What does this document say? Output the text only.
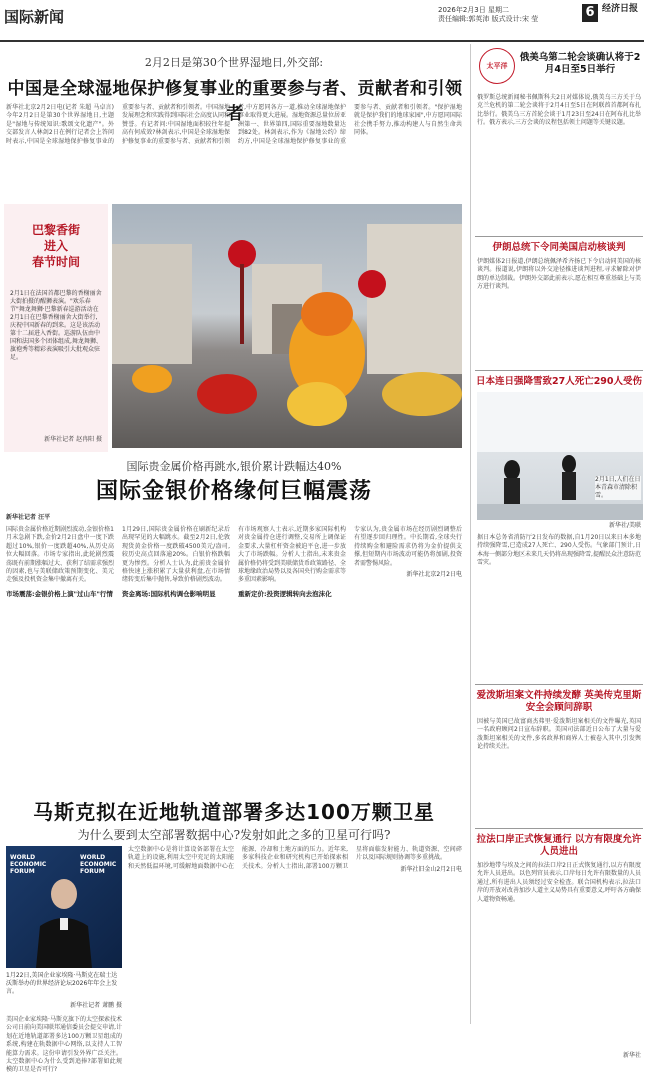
国际新闻	2026年2月3日 星期二
责任编辑:郭英沛 版式设计:宋 莹	6 经济日报
2月2日是第30个世界湿地日,外交部:
中国是全球湿地保护修复事业的重要参与者、贡献者和引领者
新华社北京2月2日电(记者 朱超 马卓言)今年2月2日是第30个世界湿地日,主题是"湿地与传统知识:歌颂文化遗产"。外交部发言人林剑2日在例行记者会上答问时表示,中国是全球湿地保护修复事业的重要参与者、贡献者和引领者。中国湿地发展理念和实践得到国际社会高度认同和赞誉。有记者问:中国湿地面积较往年提高有何成效?林剑表示,中国是全球湿地保护修复事业的重要参与者、贡献者和引领者,中方愿同各方一道,推动全球湿地保护事业取得更大进展。湿地资源总量位居亚洲第一、世界第四,国际重要湿地数量达到82处。林剑表示,作为《湿地公约》缔约方,中国是全球湿地保护修复事业的重要参与者、贡献者和引领者。"保护湿地就是保护我们的地球家园",中方愿同国际社会携手努力,推动构建人与自然生命共同体。
巴黎香街
进入
春节时间
2月1日在法国首都巴黎的香榭丽舍大街拍摄的醒狮表演。"欢乐春节"舞龙舞狮·巴黎新春巡游活动在2月1日在巴黎香榭丽舍大街举行,庆祝中国新春的到来。这是该活动第十二届进入香街。巡游队伍由中国和法国多个团体组成,舞龙舞狮、旗袍秀等精彩表演吸引大批观众驻足。
新华社记者 赵冉阳 摄
国际贵金属价格再跳水,银价累计跌幅达40%
国际金银价格缘何巨幅震荡
新华社记者 汪平
国际贵金属价格近期剧烈波动,金银价格1月末急剧下跌,金价2月2日盘中一度下跌超过10%,银价一度跌超40%,从历史高位大幅回落。市场专家指出,此轮剧烈震荡既有前期涨幅过大、获利了结需求强烈的因素,也与美联储政策预期变化、美元走强及投机资金集中撤离有关。
市场震荡:金银价格上演"过山车"行情
1月29日,国际贵金属价格在刷新纪录后出现罕见的大幅跳水。截至2月2日,伦敦现货黄金价格一度跌破4500美元/盎司,较历史高点回落逾20%。白银价格跌幅更为惨烈。分析人士认为,此前贵金属价格快速上涨积累了大量获利盘,在市场情绪转变后集中抛售,导致价格剧烈波动。
资金离场:国际机构调仓影响明显
有市场观察人士表示,近期多家国际机构对贵金属持仓进行调整,交易所上调保证金要求,大量杠杆资金被迫平仓,进一步放大了市场跌幅。分析人士指出,未来贵金属价格仍将受到美联储货币政策路径、全球地缘政治局势以及各国央行购金需求等多重因素影响。
重新定价:投资逻辑转向去泡沫化
专家认为,贵金属市场在经历剧烈调整后有望逐步回归理性。中长期看,全球央行持续购金和避险需求仍将为金价提供支撑,但短期内市场波动可能仍将加剧,投资者需警惕风险。
新华社北京2月2日电
马斯克拟在近地轨道部署多达100万颗卫星
为什么要到太空部署数据中心?发射如此之多的卫星可行吗?
WORLD ECONOMIC FORUM
WORLD ECONOMIC FORUM
1月22日,美国企业家埃隆·马斯克在瑞士达沃斯举办的世界经济论坛2026年年会上发言。
新华社记者 萧鹏 摄
美国企业家埃隆·马斯克旗下的太空探索技术公司日前向美国联邦通信委员会提交申请,计划在近地轨道部署多达100万颗卫星组成的系统,构建在轨数据中心网络,以支持人工智能算力需求。这份申请引发外界广泛关注。太空数据中心为什么受到追捧?部署如此规模的卫星是否可行?
太空数据中心是将计算设备部署在太空轨道上的设施,利用太空中充足的太阳能和天然低温环境,可缓解地面数据中心在能源、冷却和土地方面的压力。近年来,多家科技企业和研究机构已开始探索相关技术。分析人士指出,部署100万颗卫星将面临发射能力、轨道资源、空间碎片以及国际规则协调等多重挑战。
新华社旧金山2月2日电
太平洋
俄美乌第二轮会谈确认将于2月4日至5日举行
俄罗斯总统新闻秘书佩斯科夫2日对媒体说,俄美乌三方关于乌克兰危机的第二轮会谈将于2月4日至5日在阿联酋首都阿布扎比举行。俄美乌三方首轮会谈于1月23日至24日在阿布扎比举行。俄方表示,三方会谈的议程包括领土问题等关键议题。
伊朗总统下令同美国启动核谈判
伊朗媒体2日报道,伊朗总统佩泽希齐扬已下令启动同美国的核谈判。报道说,伊朗将以外交途径推进谈判进程,寻求解除对伊朗的单边制裁。伊朗外交部此前表示,愿在相互尊重基础上与美方进行谈判。
日本连日强降雪致27人死亡290人受伤
2月1日,人们在日本青森市清除积雪。
新华社/美联
据日本总务省消防厅2日发布的数据,自1月20日以来日本多地持续强降雪,已造成27人死亡、290人受伤。气象部门预计,日本海一侧部分地区未来几天仍将出现强降雪,提醒民众注意防范雪灾。
爱泼斯坦案文件持续发酵 英美传克里斯安全会顾问辞职
因被与美国已故富商杰弗里·爱泼斯坦案相关的文件曝光,英国一名政府顾问2日宣布辞职。美国司法部近日公布了大量与爱泼斯坦案相关的文件,多名政界和商界人士被卷入其中,引发舆论持续关注。
拉法口岸正式恢复通行 以方有限度允许人员进出
加沙地带与埃及之间的拉法口岸2日正式恢复通行,以方有限度允许人员进出。以色列官员表示,口岸每日允许有限数量的人员通过,所有进出人员须经过安全检查。联合国机构表示,拉法口岸的开放对改善加沙人道主义局势具有重要意义,呼吁各方确保人道物资畅通。
新华社
